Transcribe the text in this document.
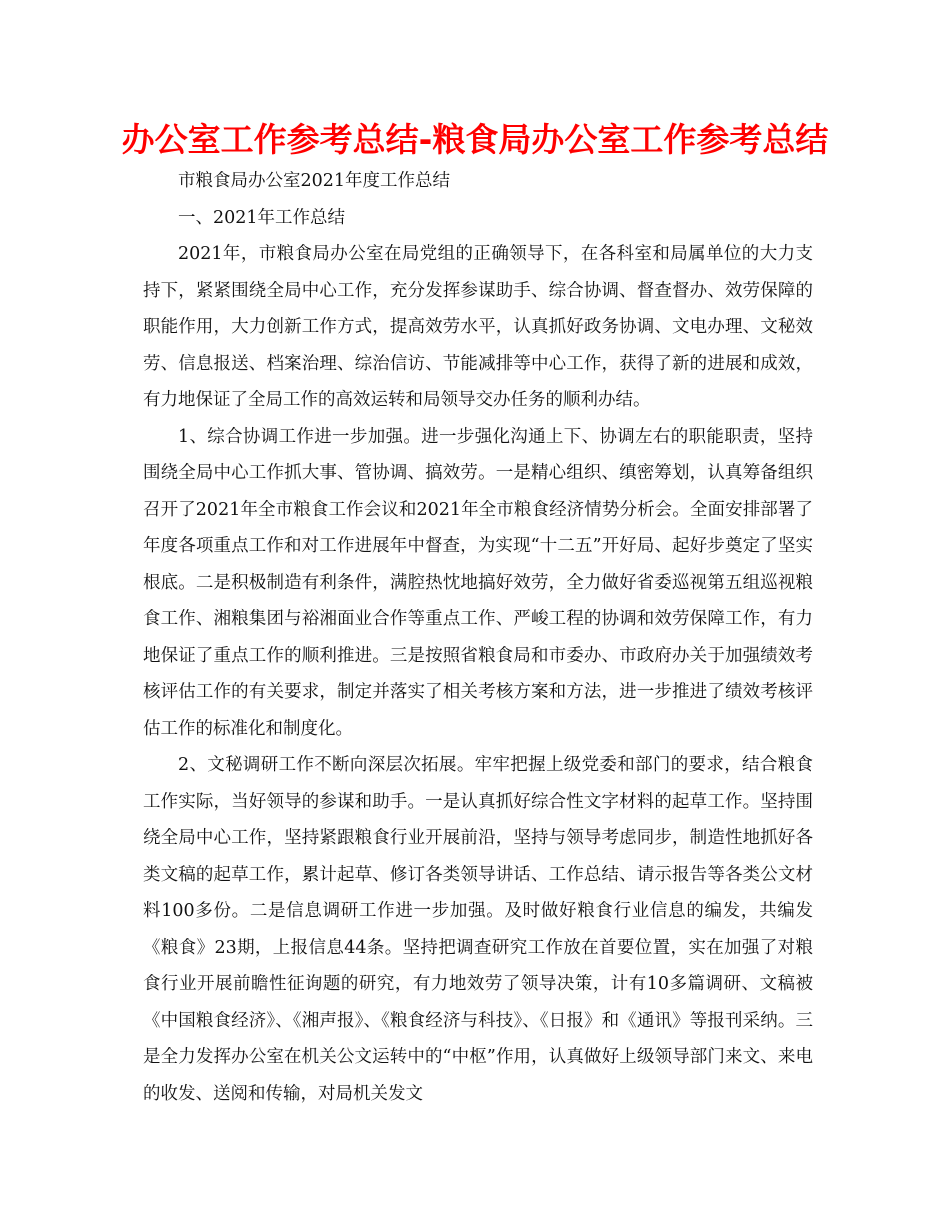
办公室工作参考总结-粮食局办公室工作参考总结

市粮食局办公室2021年度工作总结

一、2021年工作总结

2021年，市粮食局办公室在局党组的正确领导下，在各科室和局属单位的大力支持下，紧紧围绕全局中心工作，充分发挥参谋助手、综合协调、督查督办、效劳保障的职能作用，大力创新工作方式，提高效劳水平，认真抓好政务协调、文电办理、文秘效劳、信息报送、档案治理、综治信访、节能减排等中心工作，获得了新的进展和成效，有力地保证了全局工作的高效运转和局领导交办任务的顺利办结。

1、综合协调工作进一步加强。进一步强化沟通上下、协调左右的职能职责，坚持围绕全局中心工作抓大事、管协调、搞效劳。一是精心组织、缜密筹划，认真筹备组织召开了2021年全市粮食工作会议和2021年全市粮食经济情势分析会。全面安排部署了年度各项重点工作和对工作进展年中督查，为实现“十二五”开好局、起好步奠定了坚实根底。二是积极制造有利条件，满腔热忱地搞好效劳，全力做好省委巡视第五组巡视粮食工作、湘粮集团与裕湘面业合作等重点工作、严峻工程的协调和效劳保障工作，有力地保证了重点工作的顺利推进。三是按照省粮食局和市委办、市政府办关于加强绩效考核评估工作的有关要求，制定并落实了相关考核方案和方法，进一步推进了绩效考核评估工作的标准化和制度化。

2、文秘调研工作不断向深层次拓展。牢牢把握上级党委和部门的要求，结合粮食工作实际，当好领导的参谋和助手。一是认真抓好综合性文字材料的起草工作。坚持围绕全局中心工作，坚持紧跟粮食行业开展前沿，坚持与领导考虑同步，制造性地抓好各类文稿的起草工作，累计起草、修订各类领导讲话、工作总结、请示报告等各类公文材料100多份。二是信息调研工作进一步加强。及时做好粮食行业信息的编发，共编发《粮食》23期，上报信息44条。坚持把调查研究工作放在首要位置，实在加强了对粮食行业开展前瞻性征询题的研究，有力地效劳了领导决策，计有10多篇调研、文稿被《中国粮食经济》、《湘声报》、《粮食经济与科技》、《日报》和《通讯》等报刊采纳。三是全力发挥办公室在机关公文运转中的“中枢”作用，认真做好上级领导部门来文、来电的收发、送阅和传输，对局机关发文
